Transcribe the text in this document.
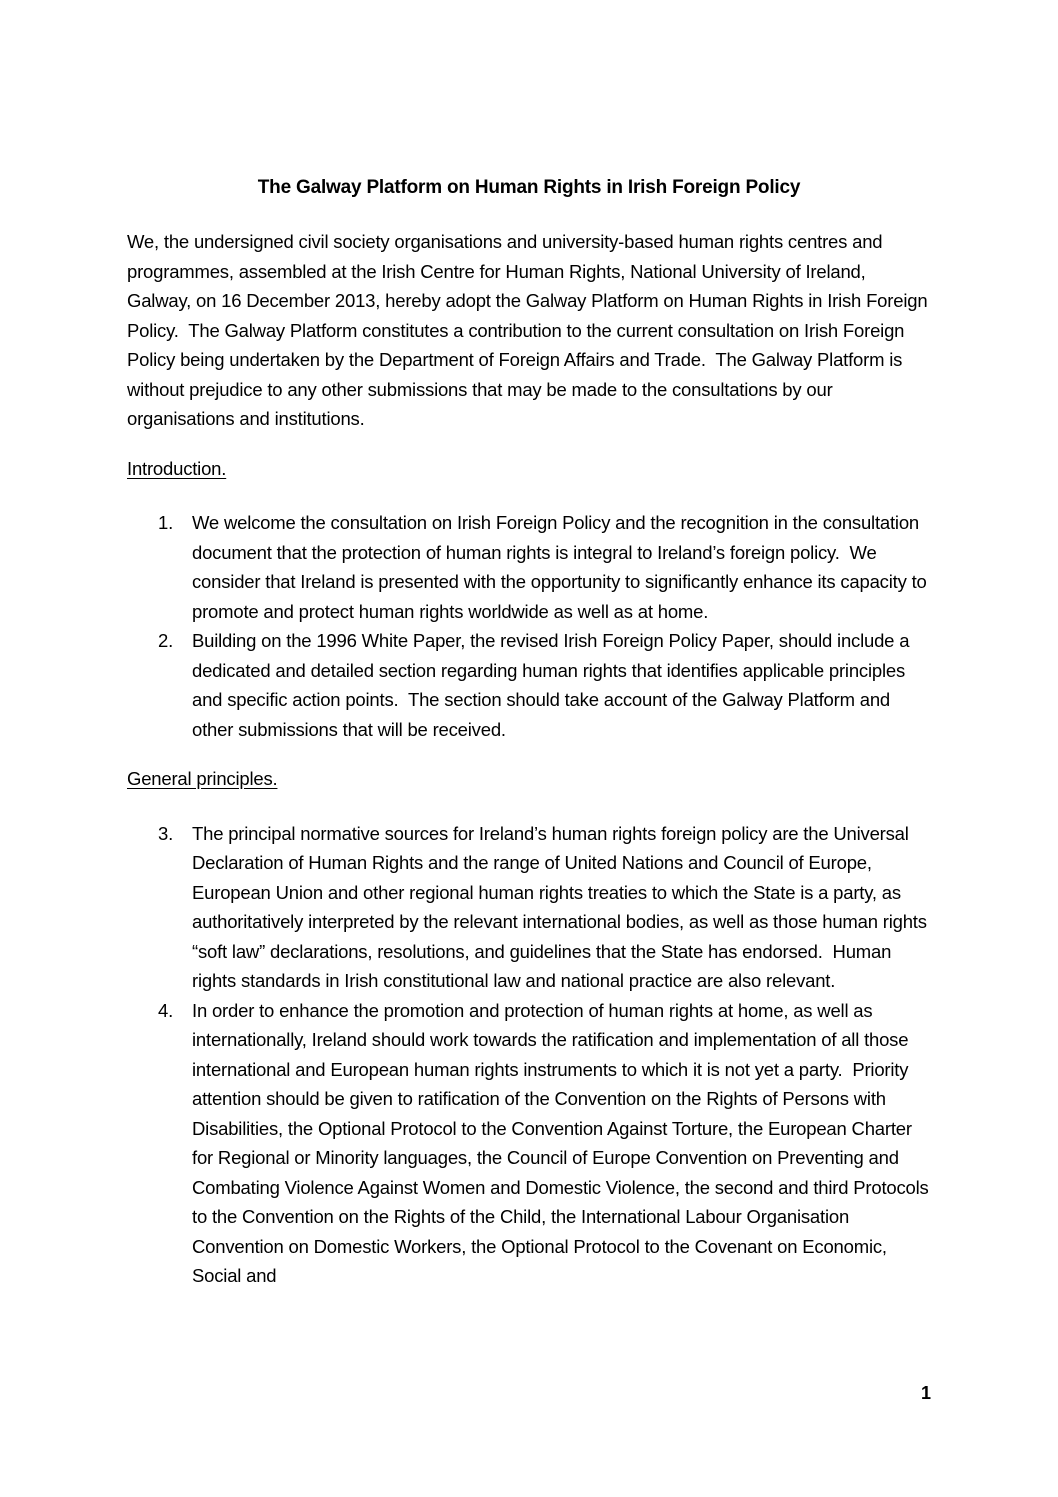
The Galway Platform on Human Rights in Irish Foreign Policy

We, the undersigned civil society organisations and university-based human rights centres and programmes, assembled at the Irish Centre for Human Rights, National University of Ireland, Galway, on 16 December 2013, hereby adopt the Galway Platform on Human Rights in Irish Foreign Policy.  The Galway Platform constitutes a contribution to the current consultation on Irish Foreign Policy being undertaken by the Department of Foreign Affairs and Trade.  The Galway Platform is without prejudice to any other submissions that may be made to the consultations by our organisations and institutions.

Introduction.
1.	We welcome the consultation on Irish Foreign Policy and the recognition in the consultation document that the protection of human rights is integral to Ireland’s foreign policy.  We consider that Ireland is presented with the opportunity to significantly enhance its capacity to promote and protect human rights worldwide as well as at home.
2.	Building on the 1996 White Paper, the revised Irish Foreign Policy Paper, should include a dedicated and detailed section regarding human rights that identifies applicable principles and specific action points.  The section should take account of the Galway Platform and other submissions that will be received.
General principles.
3.	The principal normative sources for Ireland’s human rights foreign policy are the Universal Declaration of Human Rights and the range of United Nations and Council of Europe, European Union and other regional human rights treaties to which the State is a party, as authoritatively interpreted by the relevant international bodies, as well as those human rights “soft law” declarations, resolutions, and guidelines that the State has endorsed.  Human rights standards in Irish constitutional law and national practice are also relevant.
4.	In order to enhance the promotion and protection of human rights at home, as well as internationally, Ireland should work towards the ratification and implementation of all those international and European human rights instruments to which it is not yet a party.  Priority attention should be given to ratification of the Convention on the Rights of Persons with Disabilities, the Optional Protocol to the Convention Against Torture, the European Charter for Regional or Minority languages, the Council of Europe Convention on Preventing and Combating Violence Against Women and Domestic Violence, the second and third Protocols to the Convention on the Rights of the Child, the International Labour Organisation Convention on Domestic Workers, the Optional Protocol to the Covenant on Economic, Social and
1
